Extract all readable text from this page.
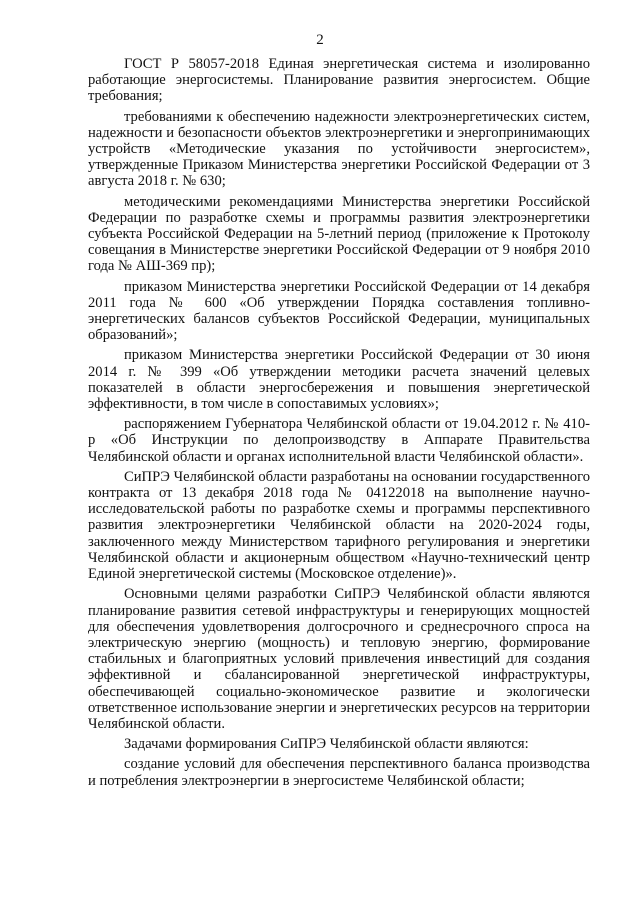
2

ГОСТ Р 58057-2018 Единая энергетическая система и изолированно работающие энергосистемы. Планирование развития энергосистем. Общие требования;

требованиями к обеспечению надежности электроэнергетических систем, надежности и безопасности объектов электроэнергетики и энергопринимающих устройств «Методические указания по устойчивости энергосистем», утвержденные Приказом Министерства энергетики Российской Федерации от 3 августа 2018 г. № 630;

методическими рекомендациями Министерства энергетики Российской Федерации по разработке схемы и программы развития электроэнергетики субъекта Российской Федерации на 5-летний период (приложение к Протоколу совещания в Министерстве энергетики Российской Федерации от 9 ноября 2010 года № АШ-369 пр);

приказом Министерства энергетики Российской Федерации от 14 декабря 2011 года № 600 «Об утверждении Порядка составления топливно-энергетических балансов субъектов Российской Федерации, муниципальных образований»;

приказом Министерства энергетики Российской Федерации от 30 июня 2014 г. № 399 «Об утверждении методики расчета значений целевых показателей в области энергосбережения и повышения энергетической эффективности, в том числе в сопоставимых условиях»;

распоряжением Губернатора Челябинской области от 19.04.2012 г. № 410-р «Об Инструкции по делопроизводству в Аппарате Правительства Челябинской области и органах исполнительной власти Челябинской области».

СиПРЭ Челябинской области разработаны на основании государственного контракта от 13 декабря 2018 года № 04122018 на выполнение научно-исследовательской работы по разработке схемы и программы перспективного развития электроэнергетики Челябинской области на 2020-2024 годы, заключенного между Министерством тарифного регулирования и энергетики Челябинской области и акционерным обществом «Научно-технический центр Единой энергетической системы (Московское отделение)».

Основными целями разработки СиПРЭ Челябинской области являются планирование развития сетевой инфраструктуры и генерирующих мощностей для обеспечения удовлетворения долгосрочного и среднесрочного спроса на электрическую энергию (мощность) и тепловую энергию, формирование стабильных и благоприятных условий привлечения инвестиций для создания эффективной и сбалансированной энергетической инфраструктуры, обеспечивающей социально-экономическое развитие и экологически ответственное использование энергии и энергетических ресурсов на территории Челябинской области.

Задачами формирования СиПРЭ Челябинской области являются:

создание условий для обеспечения перспективного баланса производства и потребления электроэнергии в энергосистеме Челябинской области;
